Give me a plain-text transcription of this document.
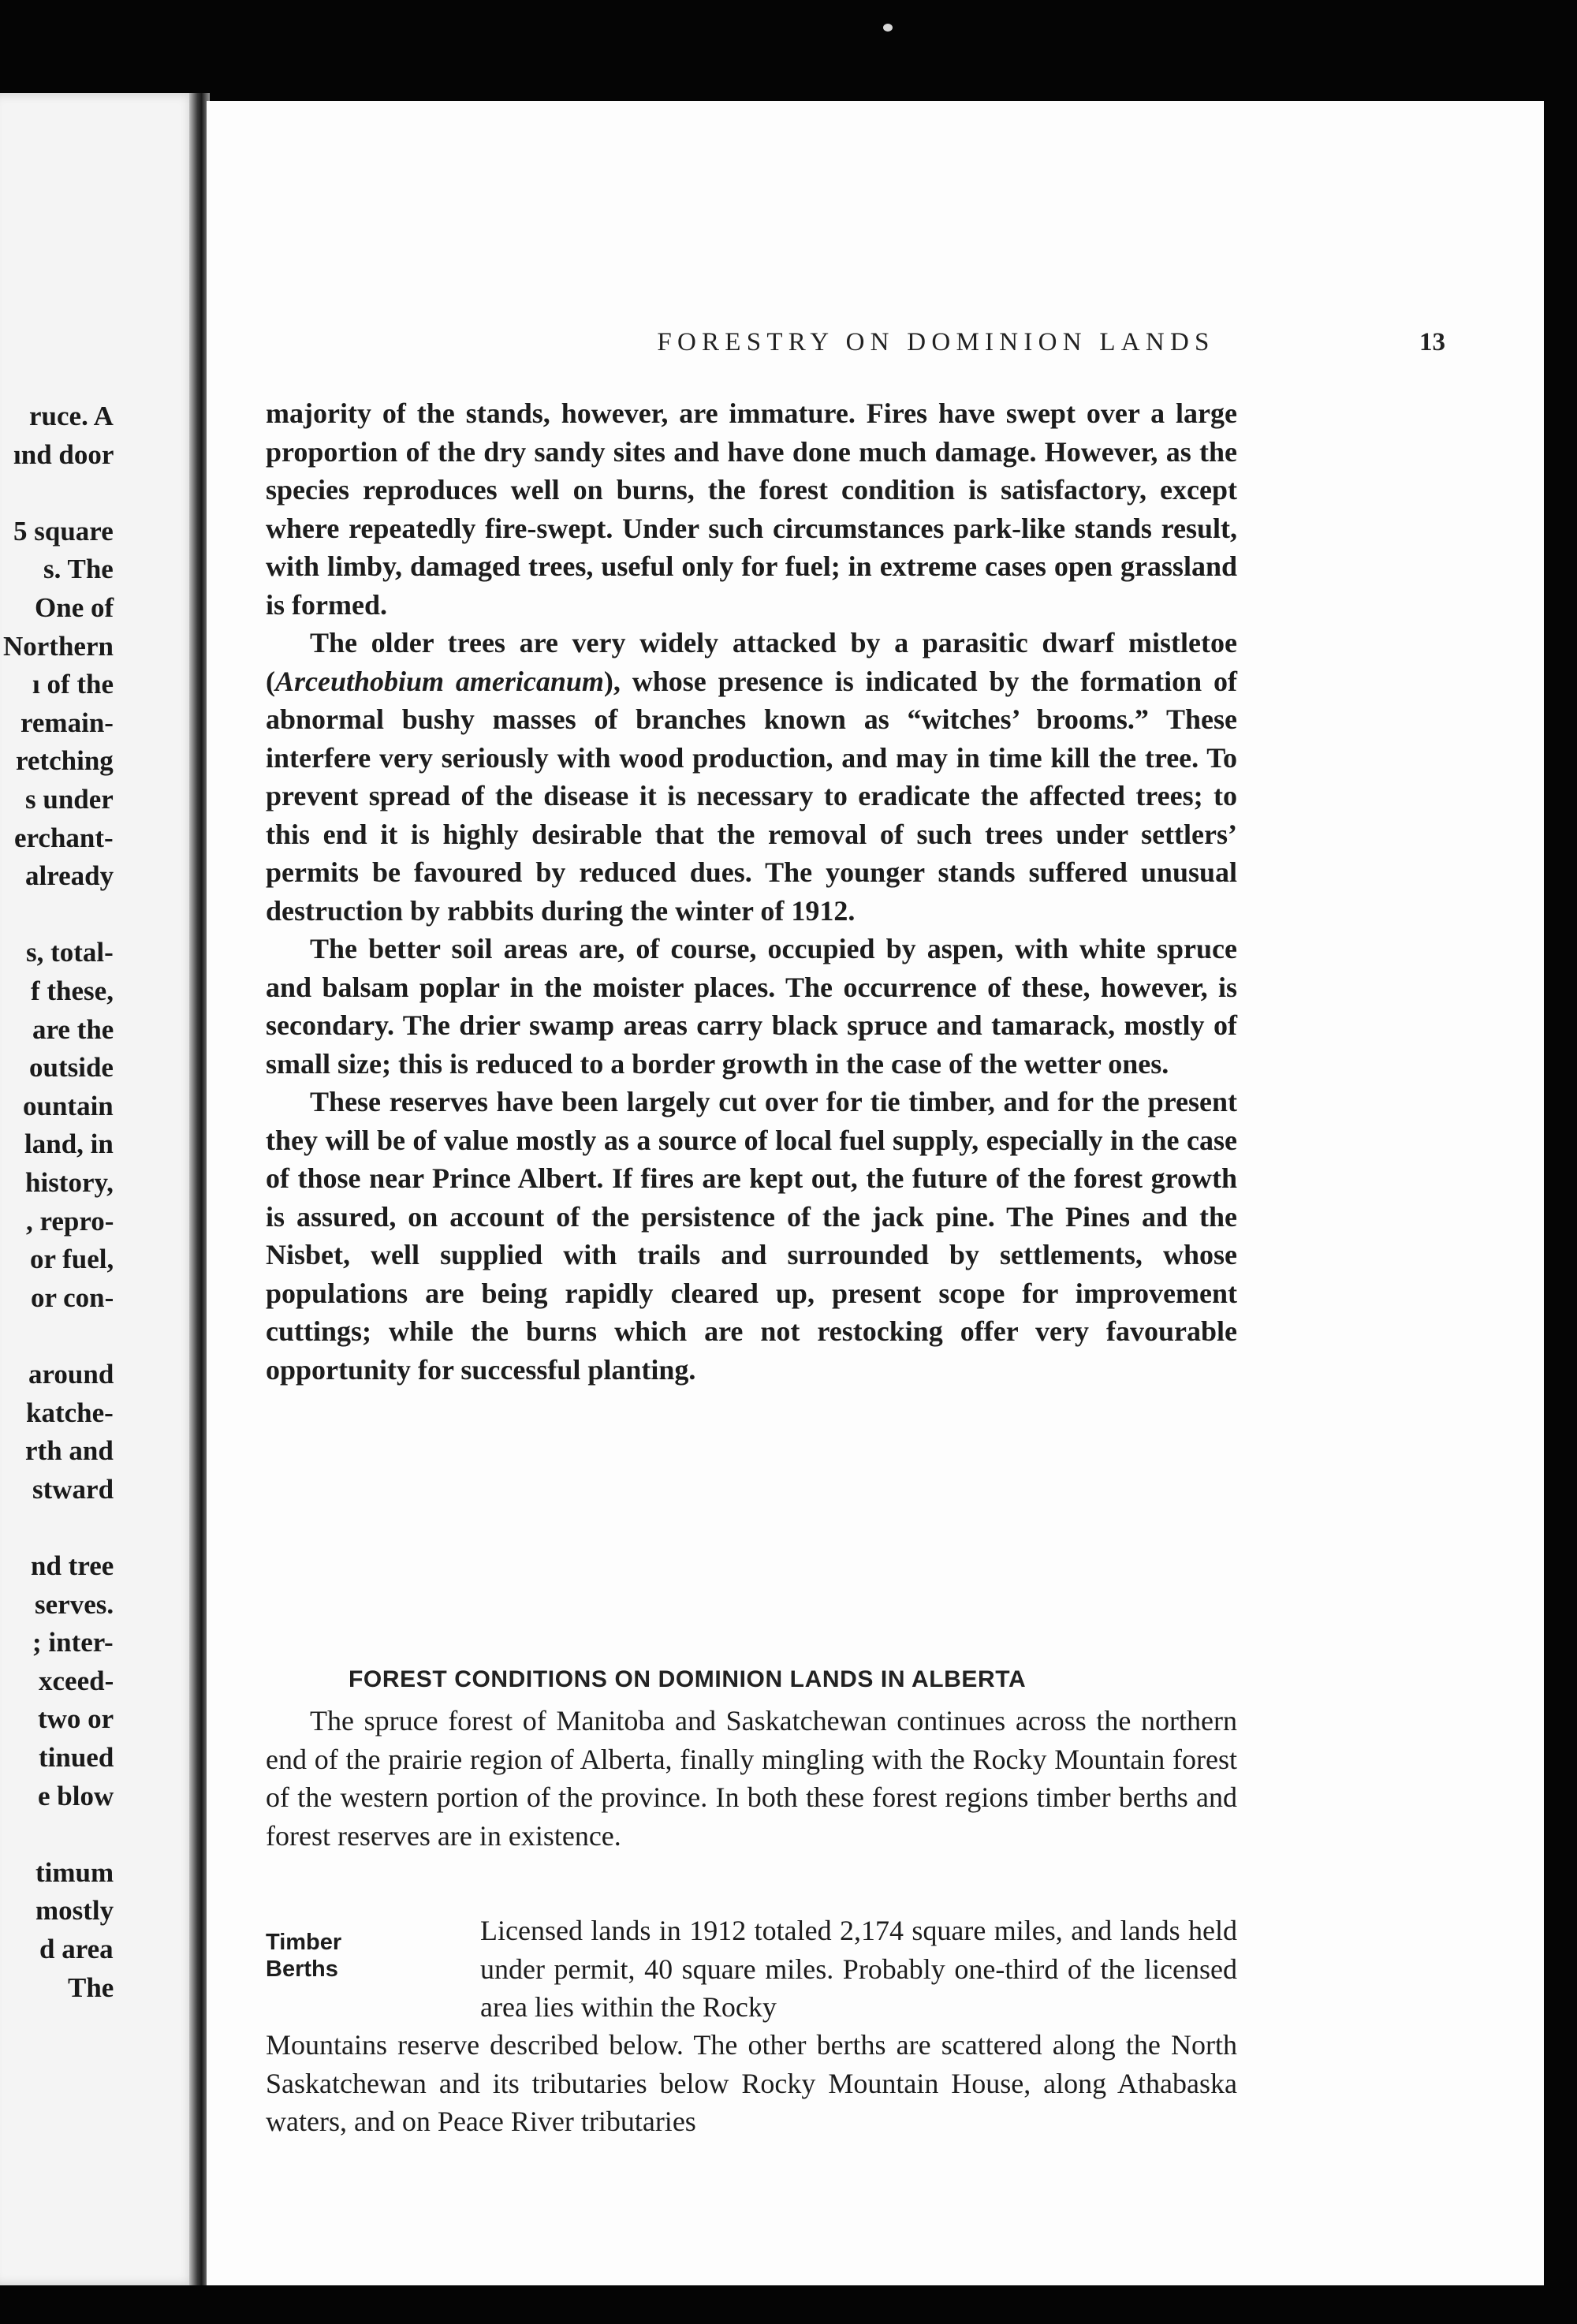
ruce. A
ınd door
5 square
s. The
One of
Northern
ı of the
remain-
retching
s under
erchant-
already
s, total-
f these,
are the
outside
ountain
land, in
history,
, repro-
or fuel,
or con-
around
katche-
rth and
stward
nd tree
serves.
; inter-
xceed-
two or
tinued
e blow
timum
mostly
d area
The
FORESTRY ON DOMINION LANDS	13

majority of the stands, however, are immature. Fires have swept over a large proportion of the dry sandy sites and have done much damage. However, as the species reproduces well on burns, the forest condition is satisfactory, except where repeatedly fire-swept. Under such circumstances park-like stands result, with limby, damaged trees, useful only for fuel; in extreme cases open grassland is formed.

The older trees are very widely attacked by a parasitic dwarf mistletoe (Arceuthobium americanum), whose presence is indicated by the formation of abnormal bushy masses of branches known as “witches’ brooms.” These interfere very seriously with wood production, and may in time kill the tree. To prevent spread of the disease it is necessary to eradicate the affected trees; to this end it is highly desirable that the removal of such trees under settlers’ permits be favoured by reduced dues. The younger stands suffered unusual destruction by rabbits during the winter of 1912.

The better soil areas are, of course, occupied by aspen, with white spruce and balsam poplar in the moister places. The occurrence of these, however, is secondary. The drier swamp areas carry black spruce and tamarack, mostly of small size; this is reduced to a border growth in the case of the wetter ones.

These reserves have been largely cut over for tie timber, and for the present they will be of value mostly as a source of local fuel supply, especially in the case of those near Prince Albert. If fires are kept out, the future of the forest growth is assured, on account of the persistence of the jack pine. The Pines and the Nisbet, well supplied with trails and surrounded by settlements, whose populations are being rapidly cleared up, present scope for improvement cuttings; while the burns which are not restocking offer very favourable opportunity for successful planting.

FOREST CONDITIONS ON DOMINION LANDS IN ALBERTA

The spruce forest of Manitoba and Saskatchewan continues across the northern end of the prairie region of Alberta, finally mingling with the Rocky Mountain forest of the western portion of the province. In both these forest regions timber berths and forest reserves are in existence.

Timber
Berths

Licensed lands in 1912 totaled 2,174 square miles, and lands held under permit, 40 square miles. Probably one-third of the licensed area lies within the Rocky

Mountains reserve described below. The other berths are scattered along the North Saskatchewan and its tributaries below Rocky Mountain House, along Athabaska waters, and on Peace River tributaries
